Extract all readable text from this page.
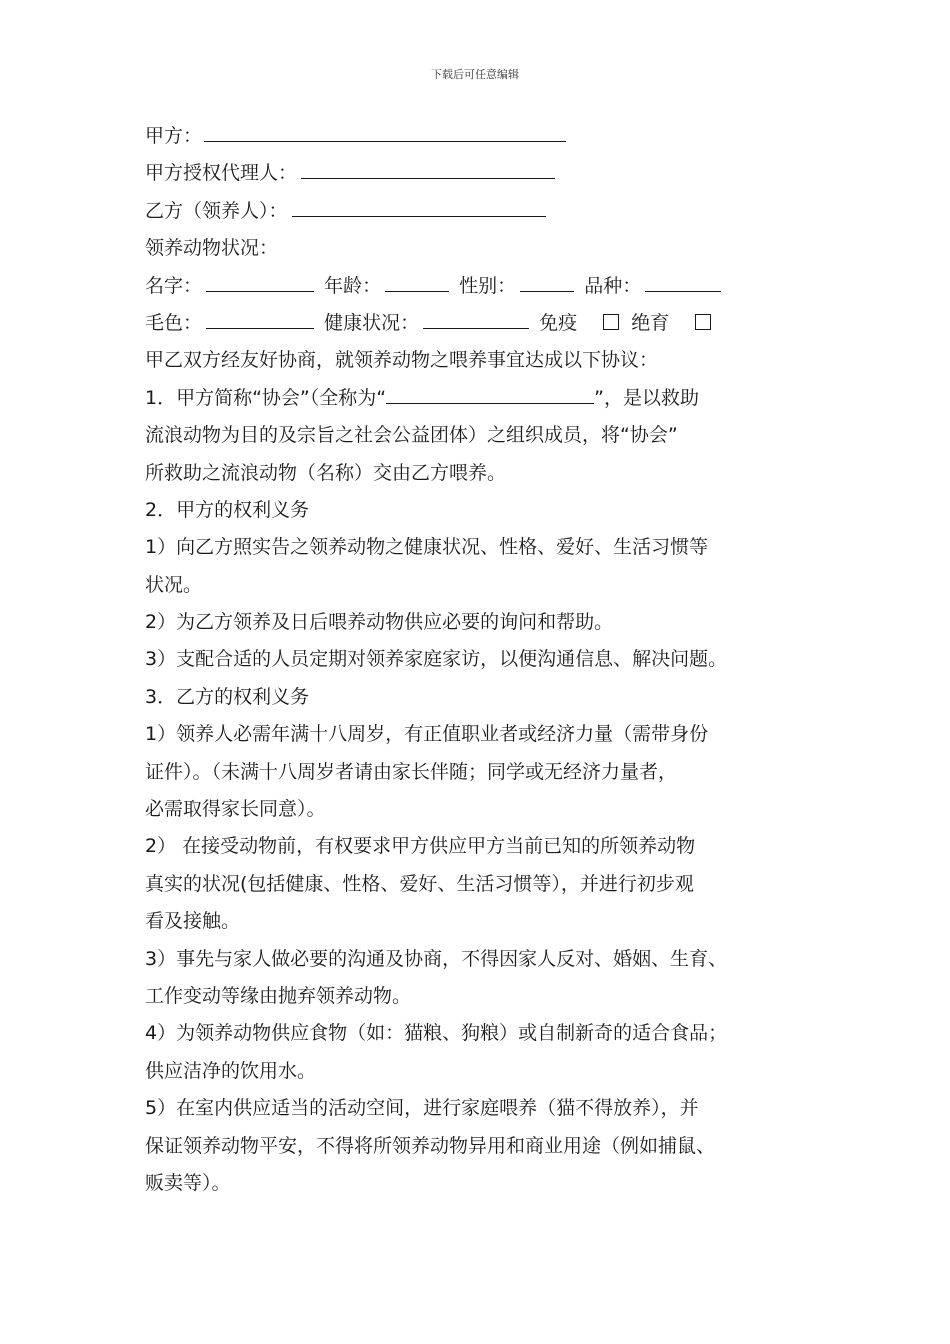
下载后可任意编辑
甲方：
甲方授权代理人：
乙方（领养人）：
领养动物状况：
名字：	年龄：	性别：	品种：
毛色：	健康状况：	免疫	绝育
甲乙双方经友好协商，就领养动物之喂养事宜达成以下协议：
1．甲方简称“协会”（全称为“	”，是以救助
流浪动物为目的及宗旨之社会公益团体）之组织成员，将“协会”
所救助之流浪动物（名称）交由乙方喂养。
2．甲方的权利义务
1）向乙方照实告之领养动物之健康状况、性格、爱好、生活习惯等
状况。
2）为乙方领养及日后喂养动物供应必要的询问和帮助。
3）支配合适的人员定期对领养家庭家访，以便沟通信息、解决问题。
3．乙方的权利义务
1）领养人必需年满十八周岁，有正值职业者或经济力量（需带身份
证件）。（未满十八周岁者请由家长伴随；同学或无经济力量者，
必需取得家长同意）。
2） 在接受动物前，有权要求甲方供应甲方当前已知的所领养动物
真实的状况(包括健康、性格、爱好、生活习惯等），并进行初步观
看及接触。
3）事先与家人做必要的沟通及协商，不得因家人反对、婚姻、生育、
工作变动等缘由抛弃领养动物。
4）为领养动物供应食物（如：猫粮、狗粮）或自制新奇的适合食品；
供应洁净的饮用水。
5）在室内供应适当的活动空间，进行家庭喂养（猫不得放养），并
保证领养动物平安，不得将所领养动物异用和商业用途（例如捕鼠、
贩卖等）。
